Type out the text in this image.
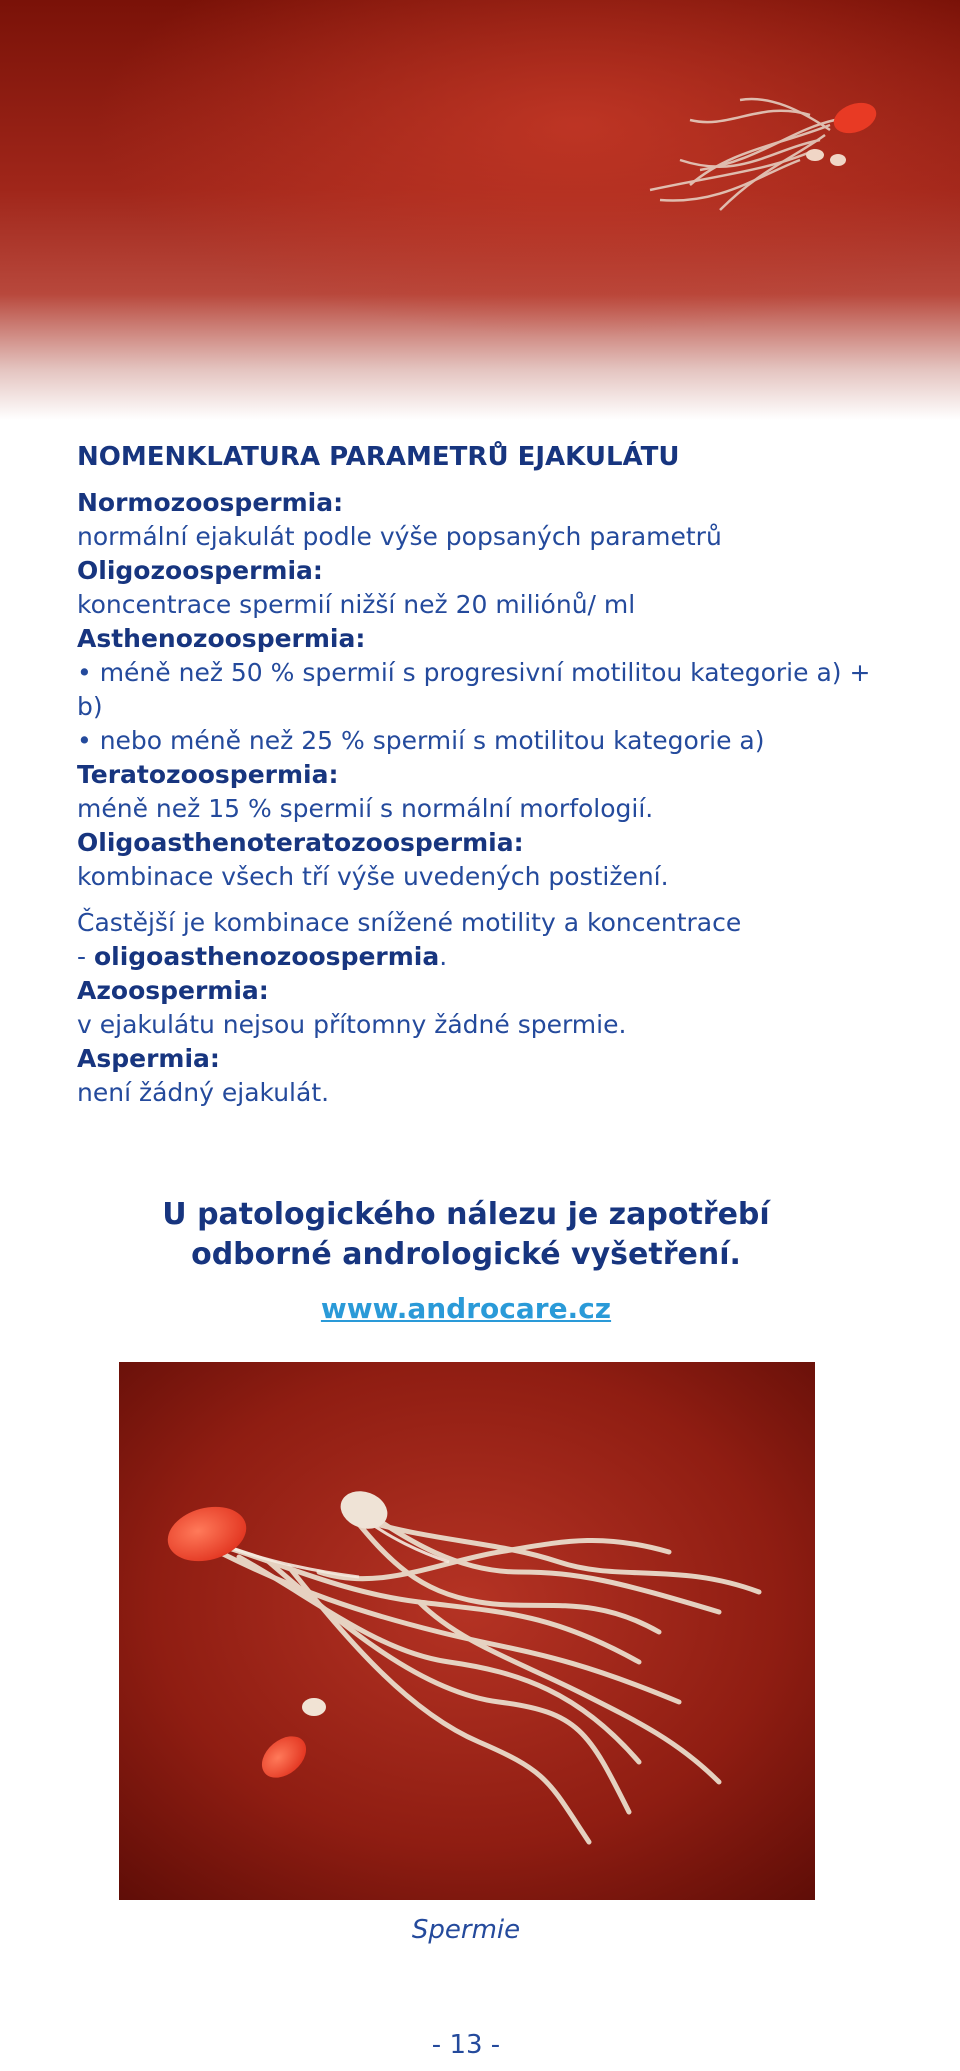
NOMENKLATURA PARAMETRŮ EJAKULÁTU
Normozoospermia:
normální ejakulát podle výše popsaných parametrů
Oligozoospermia:
koncentrace spermií nižší než 20 miliónů/ ml
Asthenozoospermia:
• méně než 50 % spermií s progresivní motilitou kategorie a) + b)
• nebo méně než 25 % spermií s motilitou kategorie a)
Teratozoospermia:
méně než 15 % spermií s normální morfologií.
Oligoasthenoteratozoospermia:
kombinace všech tří výše uvedených postižení.
Častější je kombinace snížené motility a koncentrace
- oligoasthenozoospermia.
Azoospermia:
v ejakulátu nejsou přítomny žádné spermie.
Aspermia:
není žádný ejakulát.
U patologického nálezu je zapotřebí
odborné andrologické vyšetření.
www.androcare.cz
Spermie
- 13 -
